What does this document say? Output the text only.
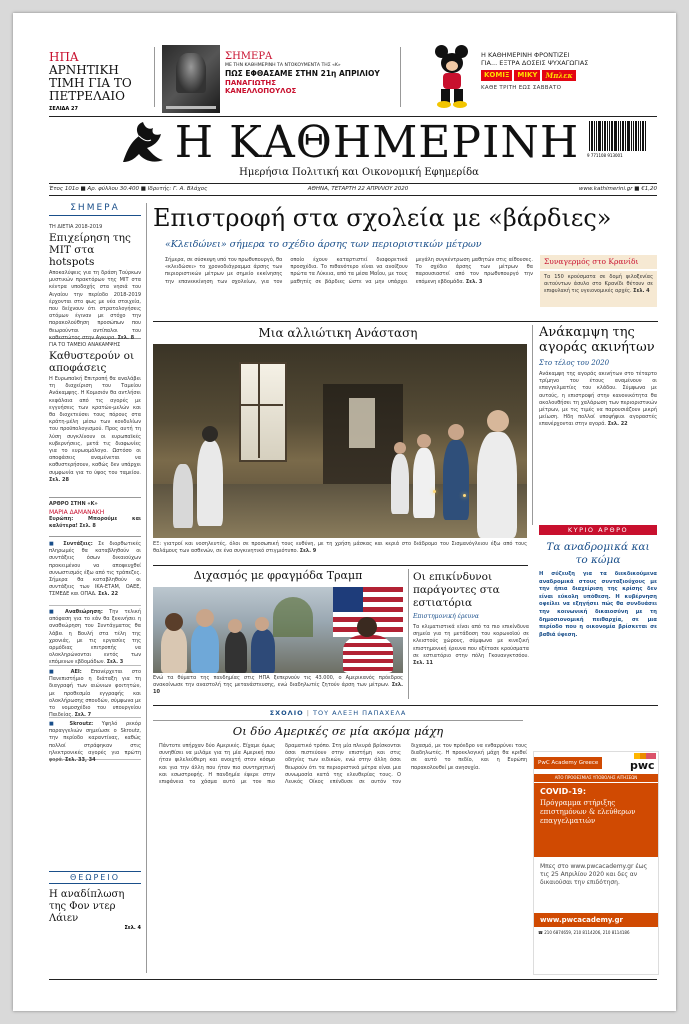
ΗΠΑ
ΑΡΝΗΤΙΚΗ ΤΙΜΗ ΓΙΑ ΤΟ ΠΕΤΡΕΛΑΙΟ
ΣΕΛΙΔΑ 27
ΣΗΜΕΡΑ
ΜΕ ΤΗΝ ΚΑΘΗΜΕΡΙΝΗ ΤΑ ΝΤΟΚΟΥΜΕΝΤΑ ΤΗΣ «Κ»
ΠΩΣ ΕΦΘΑΣΑΜΕ ΣΤΗΝ 21η ΑΠΡΙΛΙΟΥ
ΠΑΝΑΓΙΩΤΗΣ ΚΑΝΕΛΛΟΠΟΥΛΟΣ
Η ΚΑΘΗΜΕΡΙΝΗ ΦΡΟΝΤΙΖΕΙ
ΓΙΑ... ΕΞΤΡΑ ΔΟΣΕΙΣ ΨΥΧΑΓΩΓΙΑΣ
ΚΟΜΙΞ	ΜΙΚΥ	Μπλεκ
ΚΑΘΕ ΤΡΙΤΗ ΕΩΣ ΣΑΒΒΑΤΟ
Η ΚΑΘΗΜΕΡΙΝΗ
Ημερήσια Πολιτική και Οικονομική Εφημερίδα
9 771108 913001
Έτος 101ο ■ Αρ. φύλλου 30.400 ■ Ιδρυτής: Γ. Α. Βλάχος	ΑΘΗΝΑ, ΤΕΤΑΡΤΗ 22 ΑΠΡΙΛΙΟΥ 2020	www.kathimerini.gr ■ €1,20
ΣΗΜΕΡΑ
ΤΗ ΔΙΕΤΙΑ 2018-2019
Επιχείρηση της ΜΙΤ στα hotspots
Αποκαλύψεις για τη δράση Τούρκων μυστικών πρακτόρων της ΜΙΤ στα κέντρα υποδοχής στα νησιά του Αιγαίου την περίοδο 2018-2019 έρχονται στο φως με νέα στοιχεία, που δείχνουν ότι στρατολογήσεις ατόμων έγιναν με στόχο την παρακολούθηση προσώπων που θεωρούνται αντίπαλοι του καθεστώτος στην Αγκυρα. Σελ. 8
ΓΙΑ ΤΟ ΤΑΜΕΙΟ ΑΝΑΚΑΜΨΗΣ
Καθυστερούν οι αποφάσεις
Η Ευρωπαϊκή Επιτροπή θα αναλάβει τη διαχείριση του Ταμείου Ανάκαμψης. Η Κομισιόν θα αντλήσει κεφάλαια από τις αγορές με εγγυήσεις των κρατών-μελών και θα διοχετεύσει τους πόρους στα κράτη-μέλη μέσω των κονδυλίων του προϋπολογισμού. Προς αυτή τη λύση συγκλίνουν οι ευρωπαϊκές κυβερνήσεις, μετά τις διαφωνίες για το ευρωομόλογο. Ωστόσο οι αποφάσεις αναμένεται να καθυστερήσουν, καθώς δεν υπάρχει συμφωνία για το ύψος του ταμείου. Σελ. 28
ΑΡΘΡΟ ΣΤΗΝ «Κ»
ΜΑΡΙΑ ΔΑΜΑΝΑΚΗ
Ευρώπη: Μπορούμε και καλύτερα! Σελ. 8
■ Συντάξεις: Σε διορθωτικές πληρωμές θα καταβληθούν οι συντάξεις όσων δικαιούχων προκειμένου να αποφευχθεί συνωστισμός έξω από τις τράπεζες. Σήμερα θα καταβληθούν οι συντάξεις των ΙΚΑ-ΕΤΑΜ, ΟΑΕΕ, ΤΣΜΕΔΕ και ΟΠΑΔ. Σελ. 22
■ Αναθεώρηση: Την τελική απόφαση για το εάν θα ξεκινήσει η αναθεώρηση του Συντάγματος θα λάβει η Βουλή στα τέλη της χρονιάς, με τις εργασίες της αρμόδιας επιτροπής να ολοκληρώνονται εντός των επόμενων εβδομάδων. Σελ. 3
■ AEI: Επανέρχεται στο Πανεπιστήμιο η διάταξη για τη διαγραφή των αιώνιων φοιτητών, με προθεσμία εγγραφής και ολοκλήρωσης σπουδών, σύμφωνα με το νομοσχέδιο του υπουργείου Παιδείας. Σελ. 7
■ Skroutz: Υψηλό ρεκόρ παραγγελιών σημείωσε ο Skroutz, την περίοδο καραντίνας, καθώς πολλοί στράφηκαν στις ηλεκτρονικές αγορές για πρώτη φορά. Σελ. 33, 34
ΘΕΩΡΕΙΟ
Η αναδίπλωση της Φον ντερ Λάιεν
Σελ. 4
Επιστροφή στα σχολεία με «βάρδιες»
«Κλειδώνει» σήμερα το σχέδιο άρσης των περιοριστικών μέτρων
Σήμερα, σε σύσκεψη υπό τον πρωθυπουργό, θα «κλειδώσει» το χρονοδιάγραμμα άρσης των περιοριστικών μέτρων με σημείο εκκίνησης την επανεκκίνηση των σχολείων, για τον οποίο έχουν καταρτιστεί διαφορετικά προσχέδια. Το πιθανότερο είναι να ανοίξουν πρώτα τα Λύκεια, από τα μέσα Μαΐου, με τους μαθητές σε βάρδιες ώστε να μην υπάρχει μεγάλη συγκέντρωση μαθητών στις αίθουσες. Το σχέδιο άρσης των μέτρων θα παρουσιαστεί από τον πρωθυπουργό την επόμενη εβδομάδα. Σελ. 3
Συναγερμός στο Κρανίδι
Τα 150 κρούσματα σε δομή φιλοξενίας αιτούντων άσυλο στο Κρανίδι θέτουν σε επιφυλακή τις υγειονομικές αρχές. Σελ. 4
Μια αλλιώτικη Ανάσταση
ΕΞ: γιατροί και νοσηλευτές, όλοι σε προσωπική τους ευθύνη, με τη χρήση μάσκας και κεριά στο διάδρομο του Σισμανόγλειου έξω από τους θαλάμους των ασθενών, σε ένα συγκινητικό στιγμιότυπο. Σελ. 9
Ανάκαμψη της αγοράς ακινήτων
Στο τέλος του 2020
Ανάκαμψη της αγοράς ακινήτων στο τέταρτο τρίμηνο του έτους αναμένουν οι επαγγελματίες του κλάδου. Σύμφωνα με αυτούς, η επιστροφή στην κανονικότητα θα ακολουθήσει τη χαλάρωση των περιοριστικών μέτρων, με τις τιμές να παρουσιάζουν μικρή μείωση. Ηδη πολλοί υποψήφιοι αγοραστές επανέρχονται στην αγορά. Σελ. 22
ΚΥΡΙΟ ΑΡΘΡΟ
Τα αναδρομικά και το κώμα
Η σύζευξη για τα διεκδικούμενα αναδρομικά στους συνταξιούχους με την ήπια διαχείριση της κρίσης δεν είναι εύκολη υπόθεση. Η κυβέρνηση οφείλει να εξηγήσει πώς θα συνδυάσει την κοινωνική δικαιοσύνη με τη δημοσιονομική πειθαρχία, σε μια περίοδο που η οικονομία βρίσκεται σε βαθιά ύφεση.
Διχασμός με φραγμόδα Τραμπ
Ενώ τα θύματα της πανδημίας στις ΗΠΑ ξεπερνούν τις 43.000, ο Αμερικανός πρόεδρος ανακοίνωσε την αναστολή της μετανάστευσης, ενώ διαδηλωτές ζητούν άρση των μέτρων. Σελ. 10
Οι επικίνδυνοι παράγοντες στα εστιατόρια
Επιστημονική έρευνα
Τα κλιματιστικά είναι από τα πιο επικίνδυνα σημεία για τη μετάδοση του κορωνοϊού σε κλειστούς χώρους, σύμφωνα με κινεζική επιστημονική έρευνα που εξέτασε κρούσματα σε εστιατόριο στην πόλη Γκουανγκτσόου. Σελ. 11
ΣΧΟΛΙΟ | ΤΟΥ ΑΛΕΞΗ ΠΑΠΑΧΕΛΑ
Οι δύο Αμερικές σε μία ακόμα μάχη
Πάντοτε υπήρχαν δύο Αμερικές. Είχαμε όμως συνηθίσει να μιλάμε για τη μία Αμερική που ήταν φιλελεύθερη και ανοιχτή στον κόσμο και για την άλλη που ήταν πιο συντηρητική και εσωστρεφής. Η πανδημία έφερε στην επιφάνεια το χάσμα αυτό με τον πιο δραματικό τρόπο. Στη μία πλευρά βρίσκονται όσοι πιστεύουν στην επιστήμη και στις οδηγίες των ειδικών, ενώ στην άλλη όσοι θεωρούν ότι τα περιοριστικά μέτρα είναι μια συνωμοσία κατά της ελευθερίας τους. Ο Λευκός Οίκος επένδυσε σε αυτόν τον διχασμό, με τον πρόεδρο να ενθαρρύνει τους διαδηλωτές. Η προεκλογική μάχη θα κριθεί σε αυτό το πεδίο, και η Ευρώπη παρακολουθεί με ανησυχία.
PwC Academy Greece	pwc
ΑΠΟ ΠΡΟΘΕΣΜΙΑΣ ΥΠΟΒΟΛΗΣ ΑΙΤΗΣΕΩΝ
COVID-19:
Πρόγραμμα στήριξης επιστημόνων & ελεύθερων επαγγελματιών
Μπες στο www.pwcacademy.gr έως τις 25 Απριλίου 2020 και δες αν δικαιούσαι την επιδότηση.
www.pwcacademy.gr
☎ 210 6874659, 210 8114206, 210 8114186
